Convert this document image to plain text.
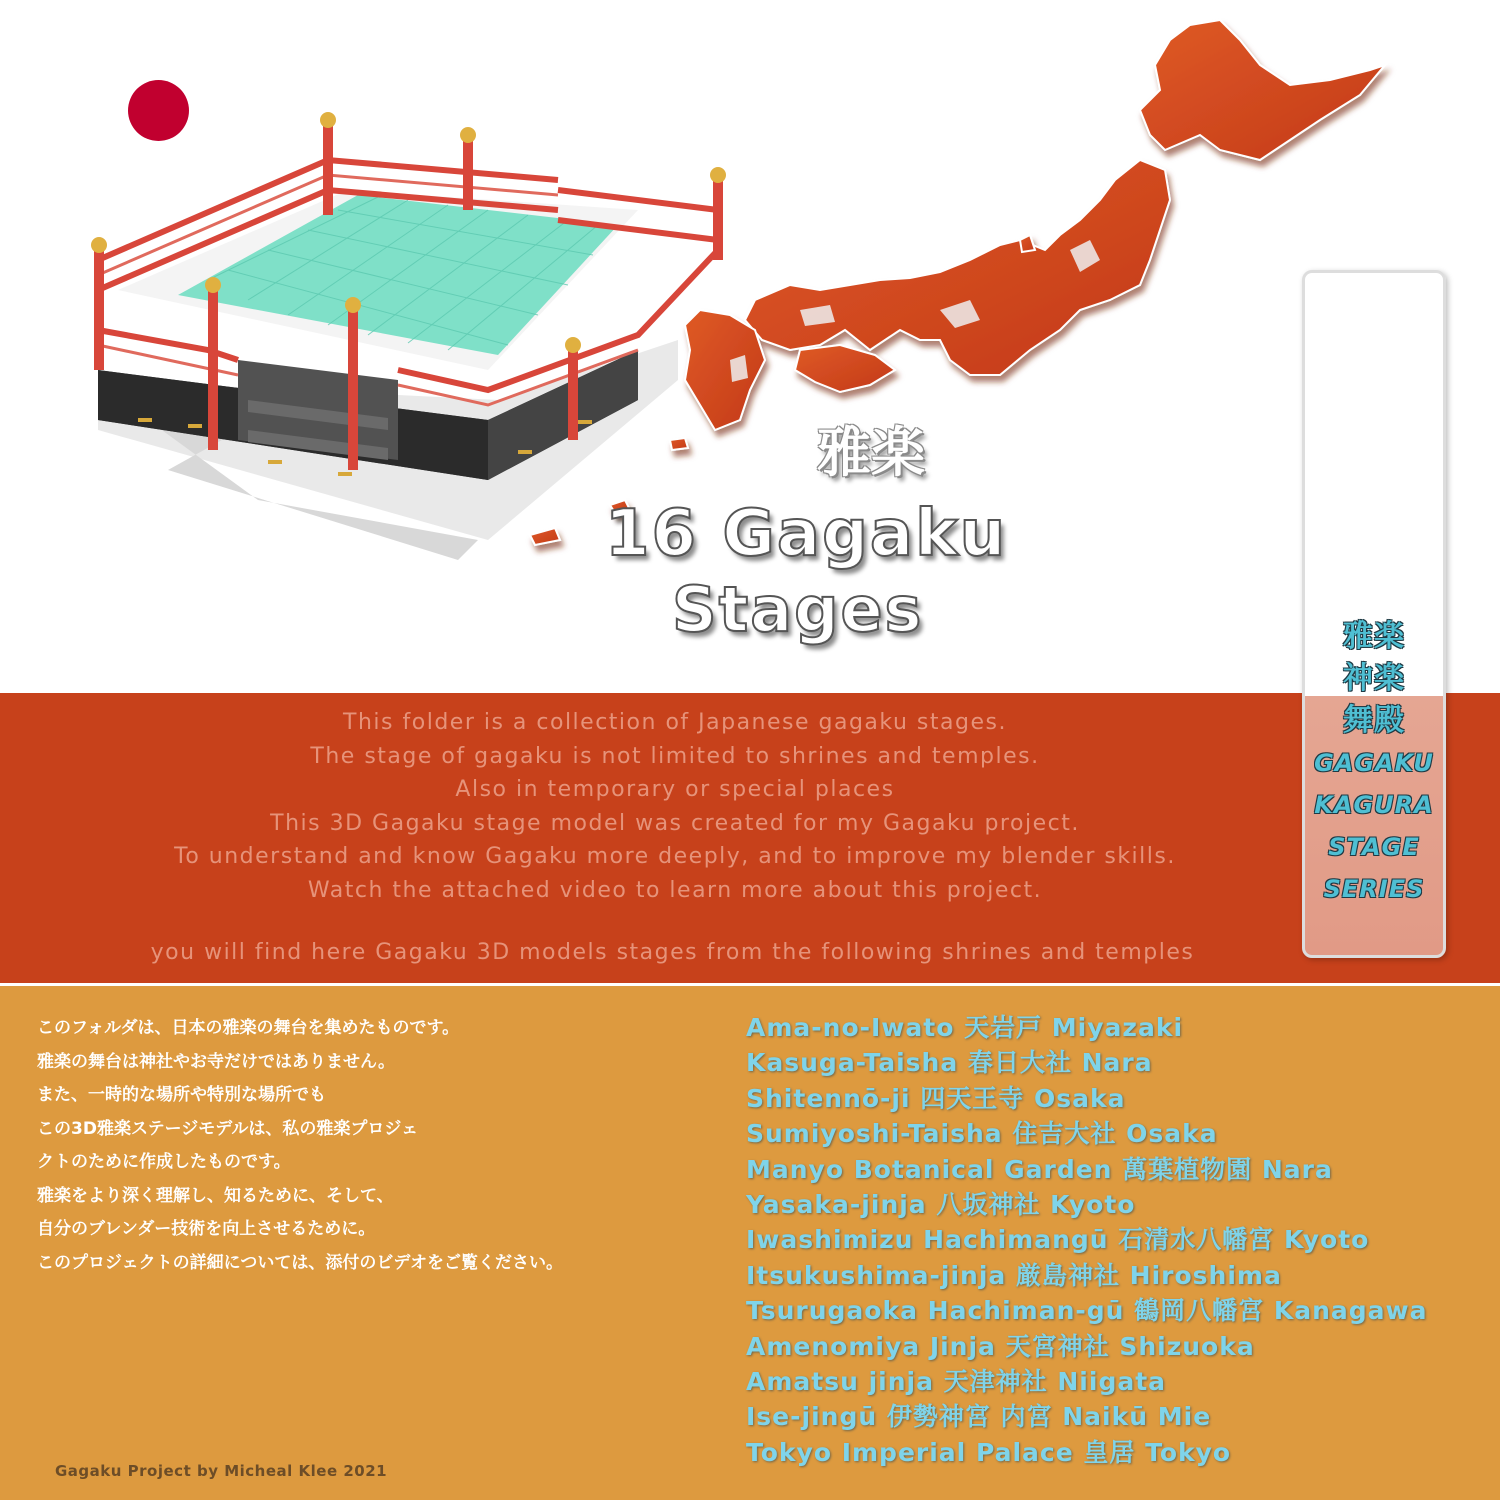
雅楽
16 Gagaku
Stages	雅楽
神楽
舞殿
GAGAKU
KAGURA
STAGE
SERIES
This folder is a collection of Japanese gagaku stages.
The stage of gagaku is not limited to shrines and temples.
Also in temporary or special places
This 3D Gagaku stage model was created for my Gagaku project.
To understand and know Gagaku more deeply, and to improve my blender skills.
Watch the attached video to learn more about this project.
you will find here Gagaku 3D models stages from the following shrines and temples
このフォルダは、日本の雅楽の舞台を集めたものです。
雅楽の舞台は神社やお寺だけではありません。
また、一時的な場所や特別な場所でも
この3D雅楽ステージモデルは、私の雅楽プロジェ
クトのために作成したものです。
雅楽をより深く理解し、知るために、そして、
自分のブレンダー技術を向上させるために。
このプロジェクトの詳細については、添付のビデオをご覧ください。
Ama-no-Iwato 天岩戸 Miyazaki
Kasuga-Taisha 春日大社 Nara
Shitennō-ji 四天王寺 Osaka
Sumiyoshi-Taisha 住吉大社 Osaka
Manyo Botanical Garden 萬葉植物園 Nara
Yasaka-jinja 八坂神社 Kyoto
Iwashimizu Hachimangū 石清水八幡宮 Kyoto
Itsukushima-jinja 厳島神社 Hiroshima
Tsurugaoka Hachiman-gū 鶴岡八幡宮 Kanagawa
Amenomiya Jinja 天宮神社 Shizuoka
Amatsu jinja 天津神社 Niigata
Ise-jingū 伊勢神宮 内宮 Naikū Mie
Tokyo Imperial Palace 皇居 Tokyo
Gagaku Project by Micheal Klee 2021
